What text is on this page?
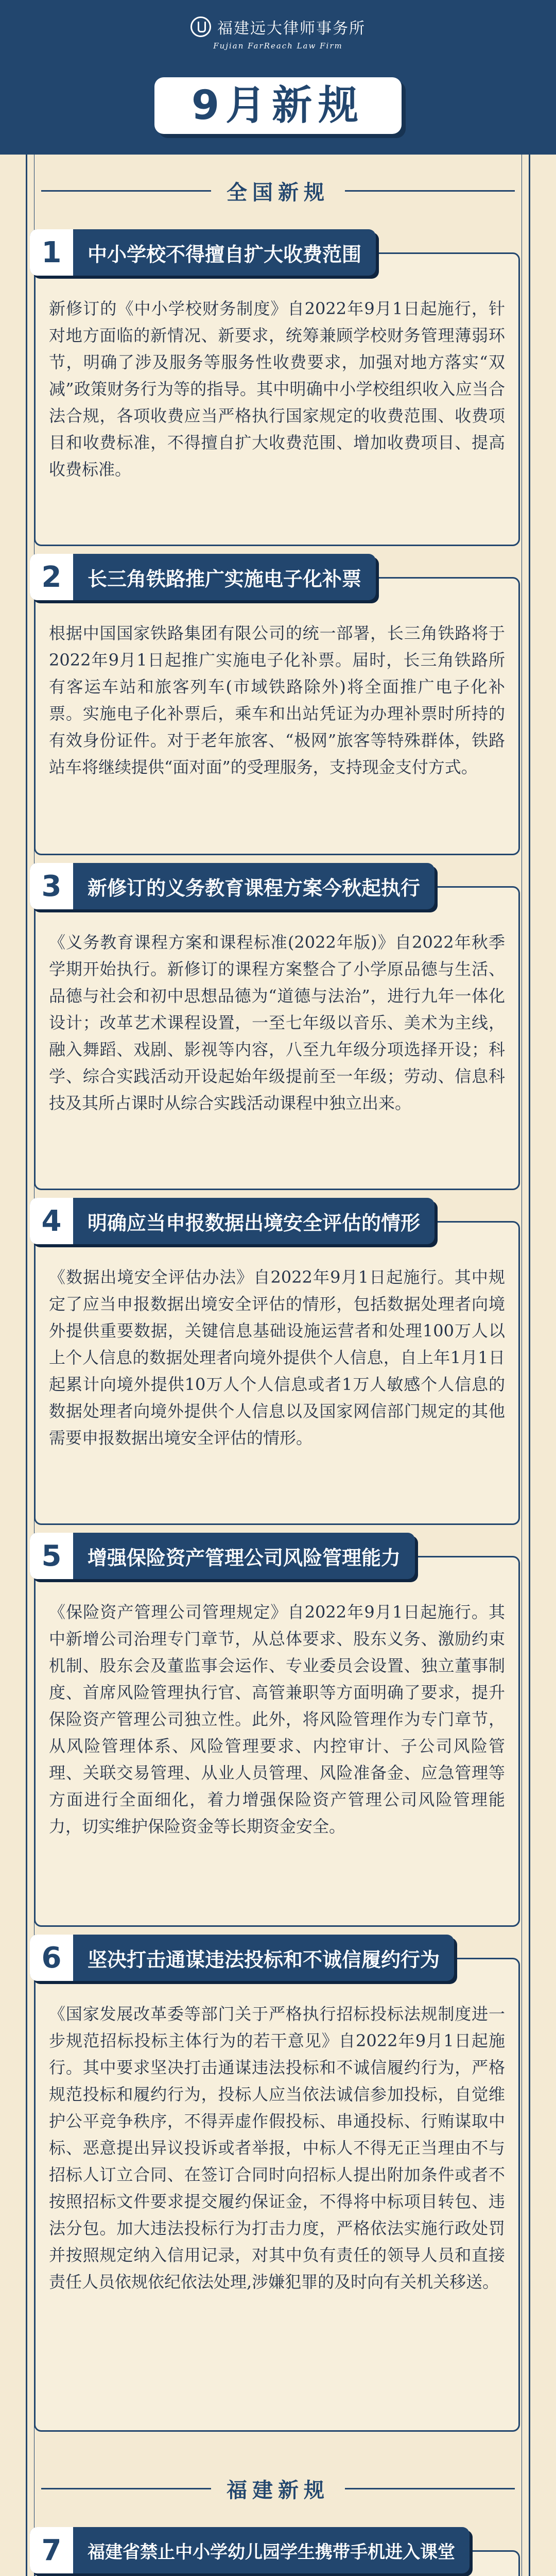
福建远大律师事务所
Fujian FarReach Law Firm
9月新规
全国新规
新修订的《中小学校财务制度》自2022年9月1日起施行，针对地方面临的新情况、新要求，统筹兼顾学校财务管理薄弱环节，明确了涉及服务等服务性收费要求，加强对地方落实“双减”政策财务行为等的指导。其中明确中小学校组织收入应当合法合规，各项收费应当严格执行国家规定的收费范围、收费项目和收费标准，不得擅自扩大收费范围、增加收费项目、提高收费标准。
1	中小学校不得擅自扩大收费范围
根据中国国家铁路集团有限公司的统一部署，长三角铁路将于2022年9月1日起推广实施电子化补票。届时，长三角铁路所有客运车站和旅客列车(市域铁路除外)将全面推广电子化补票。实施电子化补票后，乘车和出站凭证为办理补票时所持的有效身份证件。对于老年旅客、“极网”旅客等特殊群体，铁路站车将继续提供“面对面”的受理服务，支持现金支付方式。
2	长三角铁路推广实施电子化补票
《义务教育课程方案和课程标准(2022年版)》自2022年秋季学期开始执行。新修订的课程方案整合了小学原品德与生活、品德与社会和初中思想品德为“道德与法治”，进行九年一体化设计；改革艺术课程设置，一至七年级以音乐、美术为主线，融入舞蹈、戏剧、影视等内容，八至九年级分项选择开设；科学、综合实践活动开设起始年级提前至一年级；劳动、信息科技及其所占课时从综合实践活动课程中独立出来。
3	新修订的义务教育课程方案今秋起执行
《数据出境安全评估办法》自2022年9月1日起施行。其中规定了应当申报数据出境安全评估的情形，包括数据处理者向境外提供重要数据，关键信息基础设施运营者和处理100万人以上个人信息的数据处理者向境外提供个人信息，自上年1月1日起累计向境外提供10万人个人信息或者1万人敏感个人信息的数据处理者向境外提供个人信息以及国家网信部门规定的其他需要申报数据出境安全评估的情形。
4	明确应当申报数据出境安全评估的情形
《保险资产管理公司管理规定》自2022年9月1日起施行。其中新增公司治理专门章节，从总体要求、股东义务、激励约束机制、股东会及董监事会运作、专业委员会设置、独立董事制度、首席风险管理执行官、高管兼职等方面明确了要求，提升保险资产管理公司独立性。此外，将风险管理作为专门章节，从风险管理体系、风险管理要求、内控审计、子公司风险管理、关联交易管理、从业人员管理、风险准备金、应急管理等方面进行全面细化，着力增强保险资产管理公司风险管理能力，切实维护保险资金等长期资金安全。
5	增强保险资产管理公司风险管理能力
《国家发展改革委等部门关于严格执行招标投标法规制度进一步规范招标投标主体行为的若干意见》自2022年9月1日起施行。其中要求坚决打击通谋违法投标和不诚信履约行为，严格规范投标和履约行为，投标人应当依法诚信参加投标，自觉维护公平竞争秩序，不得弄虚作假投标、串通投标、行贿谋取中标、恶意提出异议投诉或者举报，中标人不得无正当理由不与招标人订立合同、在签订合同时向招标人提出附加条件或者不按照招标文件要求提交履约保证金，不得将中标项目转包、违法分包。加大违法投标行为打击力度，严格依法实施行政处罚并按照规定纳入信用记录，对其中负有责任的领导人员和直接责任人员依规依纪依法处理,涉嫌犯罪的及时向有关机关移送。
6	坚决打击通谋违法投标和不诚信履约行为
福建新规
7	福建省禁止中小学幼儿园学生携带手机进入课堂
